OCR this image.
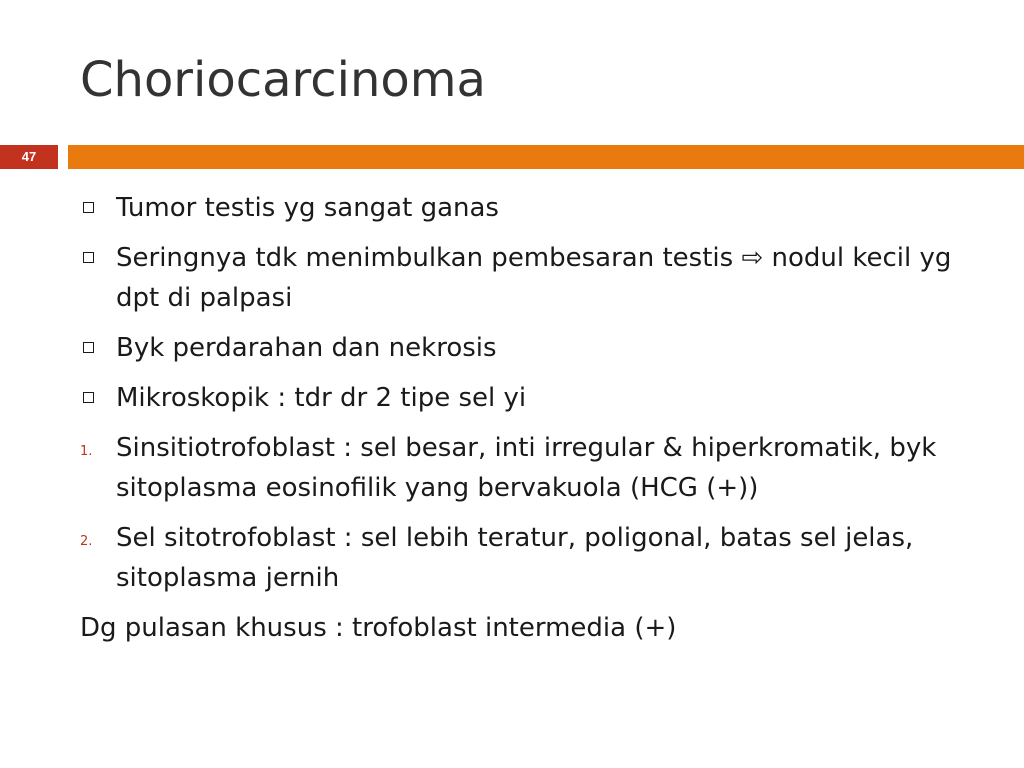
Choriocarcinoma
47
Tumor testis yg sangat ganas
Seringnya tdk menimbulkan pembesaran testis ⇨ nodul kecil yg dpt di palpasi
Byk perdarahan dan nekrosis
Mikroskopik : tdr dr 2 tipe sel yi
1. Sinsitiotrofoblast : sel besar, inti irregular & hiperkromatik, byk sitoplasma eosinofilik yang bervakuola (HCG (+))
2. Sel sitotrofoblast : sel lebih teratur, poligonal, batas sel jelas, sitoplasma jernih
Dg pulasan khusus : trofoblast intermedia (+)
